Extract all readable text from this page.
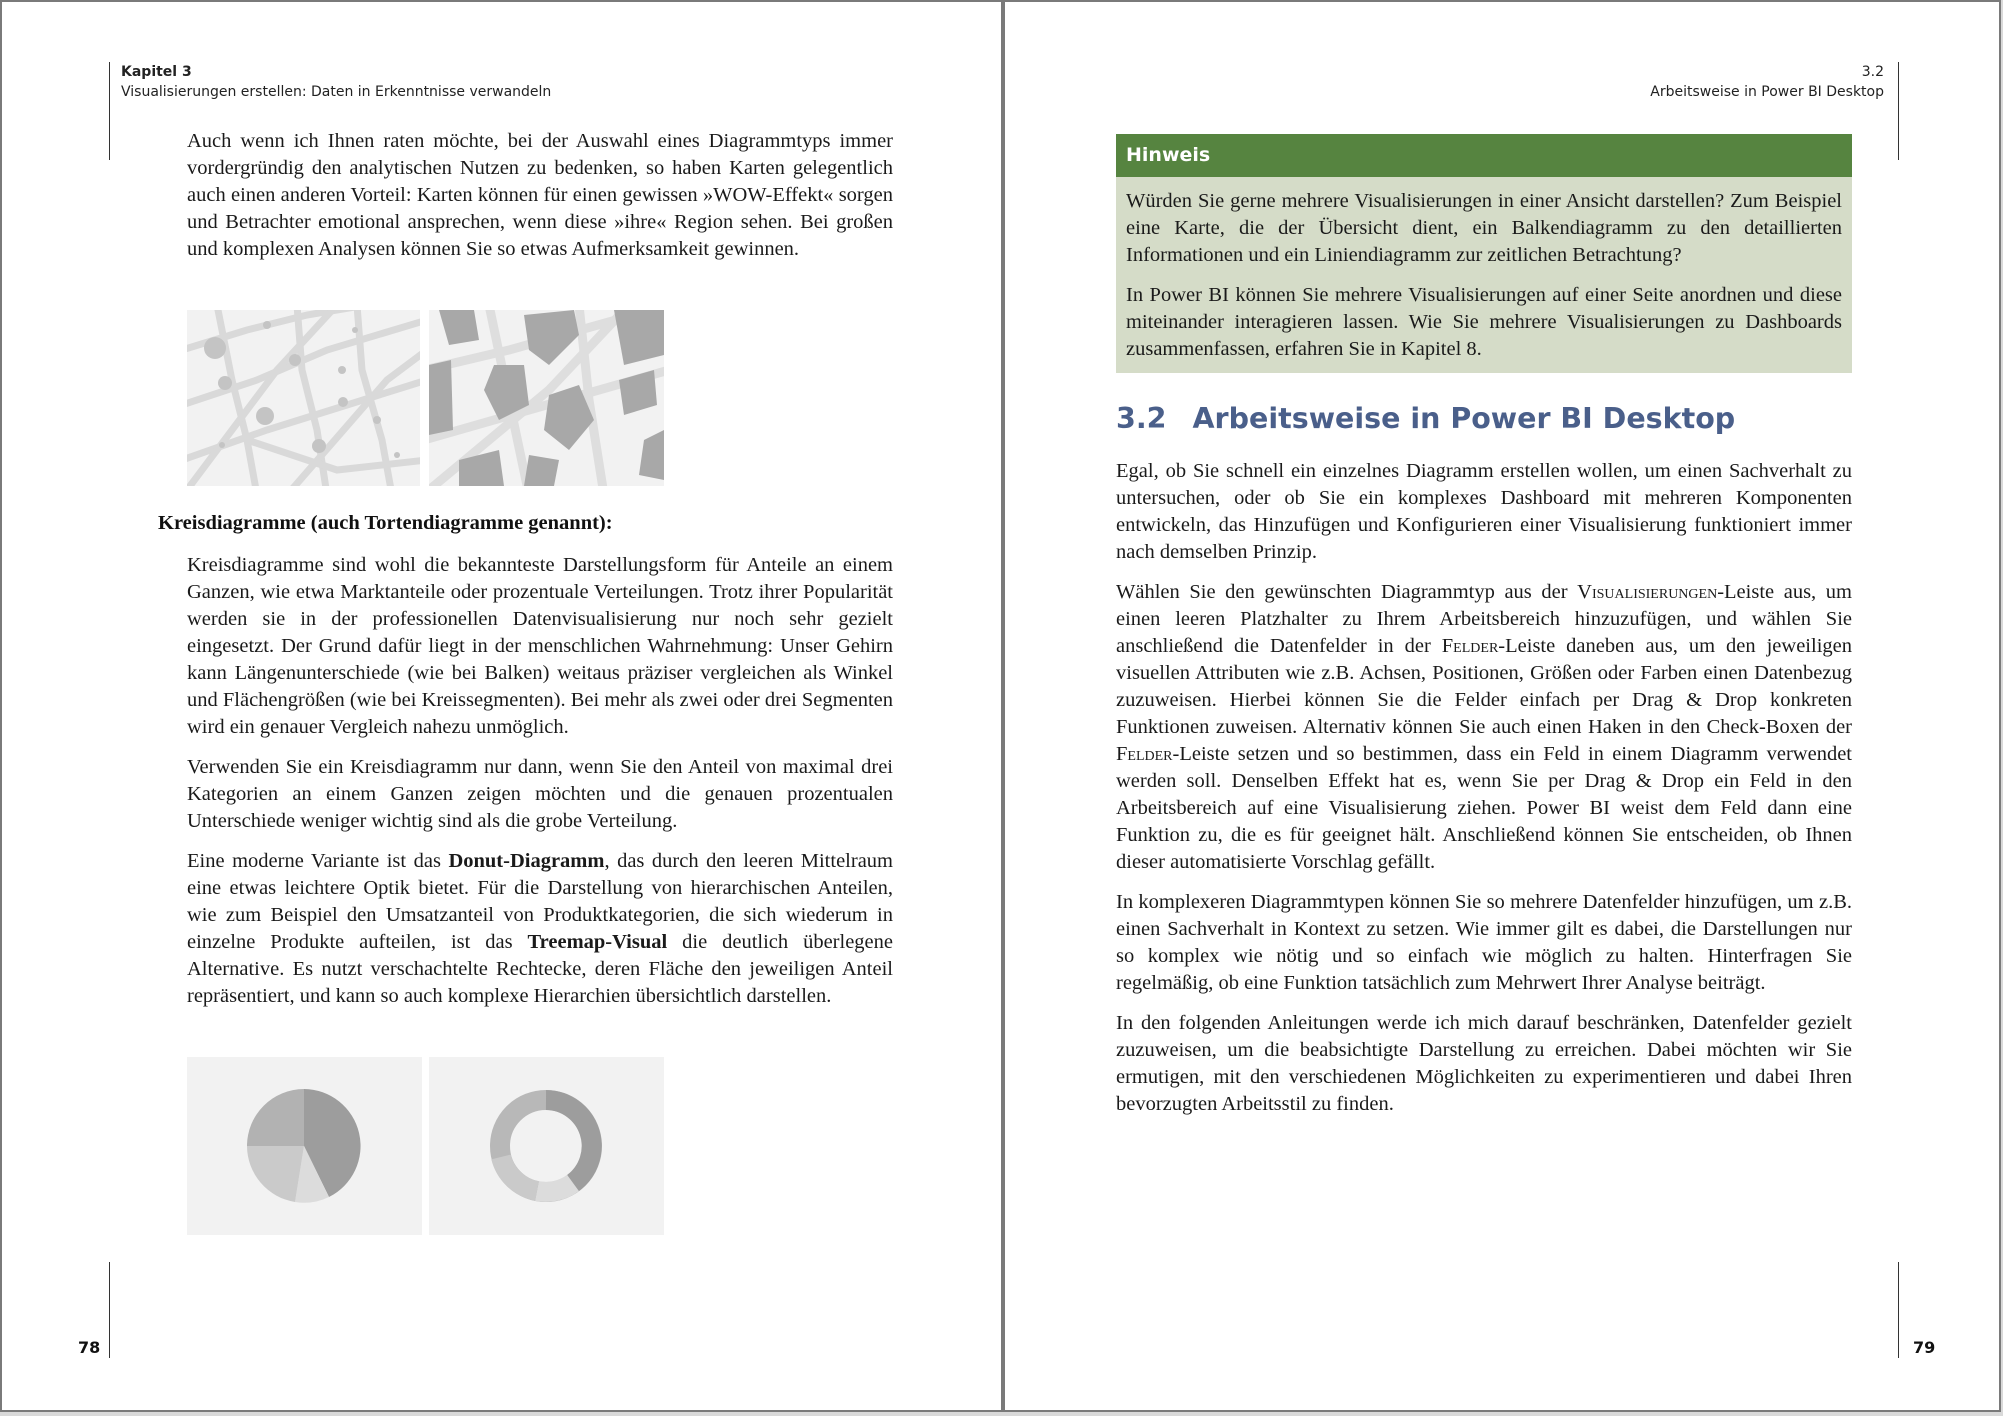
Kapitel 3
Visualisierungen erstellen: Daten in Erkenntnisse verwandeln

Auch wenn ich Ihnen raten möchte, bei der Auswahl eines Diagrammtyps immer vordergründig den analytischen Nutzen zu bedenken, so haben Karten gelegentlich auch einen anderen Vorteil: Karten können für einen gewissen »WOW-Effekt« sorgen und Betrachter emotional ansprechen, wenn diese »ihre« Region sehen. Bei großen und komplexen Analysen können Sie so etwas Aufmerksamkeit gewinnen.

Kreisdiagramme (auch Tortendiagramme genannt):

Kreisdiagramme sind wohl die bekannteste Darstellungsform für Anteile an einem Ganzen, wie etwa Marktanteile oder prozentuale Verteilungen. Trotz ihrer Popularität werden sie in der professionellen Datenvisualisierung nur noch sehr gezielt eingesetzt. Der Grund dafür liegt in der menschlichen Wahrnehmung: Unser Gehirn kann Längenunterschiede (wie bei Balken) weitaus präziser vergleichen als Winkel und Flächengrößen (wie bei Kreissegmenten). Bei mehr als zwei oder drei Segmenten wird ein genauer Vergleich nahezu unmöglich.

Verwenden Sie ein Kreisdiagramm nur dann, wenn Sie den Anteil von maximal drei Kategorien an einem Ganzen zeigen möchten und die genauen prozentualen Unterschiede weniger wichtig sind als die grobe Verteilung.

Eine moderne Variante ist das Donut-Diagramm, das durch den leeren Mittelraum eine etwas leichtere Optik bietet. Für die Darstellung von hierarchischen Anteilen, wie zum Beispiel den Umsatzanteil von Produktkategorien, die sich wiederum in einzelne Produkte aufteilen, ist das Treemap-Visual die deutlich überlegene Alternative. Es nutzt verschachtelte Rechtecke, deren Fläche den jeweiligen Anteil repräsentiert, und kann so auch komplexe Hierarchien übersichtlich darstellen.

78
3.2
Arbeitsweise in Power BI Desktop
Hinweis

Würden Sie gerne mehrere Visualisierungen in einer Ansicht darstellen? Zum Beispiel eine Karte, die der Übersicht dient, ein Balkendiagramm zu den detaillierten Informationen und ein Liniendiagramm zur zeitlichen Betrachtung?

In Power BI können Sie mehrere Visualisierungen auf einer Seite anordnen und diese miteinander interagieren lassen. Wie Sie mehrere Visualisierungen zu Dashboards zusammenfassen, erfahren Sie in Kapitel 8.

3.2 Arbeitsweise in Power BI Desktop

Egal, ob Sie schnell ein einzelnes Diagramm erstellen wollen, um einen Sachverhalt zu untersuchen, oder ob Sie ein komplexes Dashboard mit mehreren Komponenten entwickeln, das Hinzufügen und Konfigurieren einer Visualisierung funktioniert immer nach demselben Prinzip.

Wählen Sie den gewünschten Diagrammtyp aus der Visualisierungen-Leiste aus, um einen leeren Platzhalter zu Ihrem Arbeitsbereich hinzuzufügen, und wählen Sie anschließend die Datenfelder in der Felder-Leiste daneben aus, um den jeweiligen visuellen Attributen wie z.B. Achsen, Positionen, Größen oder Farben einen Datenbezug zuzuweisen. Hierbei können Sie die Felder einfach per Drag & Drop konkreten Funktionen zuweisen. Alternativ können Sie auch einen Haken in den Check-Boxen der Felder-Leiste setzen und so bestimmen, dass ein Feld in einem Diagramm verwendet werden soll. Denselben Effekt hat es, wenn Sie per Drag & Drop ein Feld in den Arbeitsbereich auf eine Visualisierung ziehen. Power BI weist dem Feld dann eine Funktion zu, die es für geeignet hält. Anschließend können Sie entscheiden, ob Ihnen dieser automatisierte Vorschlag gefällt.

In komplexeren Diagrammtypen können Sie so mehrere Datenfelder hinzufügen, um z.B. einen Sachverhalt in Kontext zu setzen. Wie immer gilt es dabei, die Darstellungen nur so komplex wie nötig und so einfach wie möglich zu halten. Hinterfragen Sie regelmäßig, ob eine Funktion tatsächlich zum Mehrwert Ihrer Analyse beiträgt.

In den folgenden Anleitungen werde ich mich darauf beschränken, Datenfelder gezielt zuzuweisen, um die beabsichtigte Darstellung zu erreichen. Dabei möchten wir Sie ermutigen, mit den verschiedenen Möglichkeiten zu experimentieren und dabei Ihren bevorzugten Arbeitsstil zu finden.

79
